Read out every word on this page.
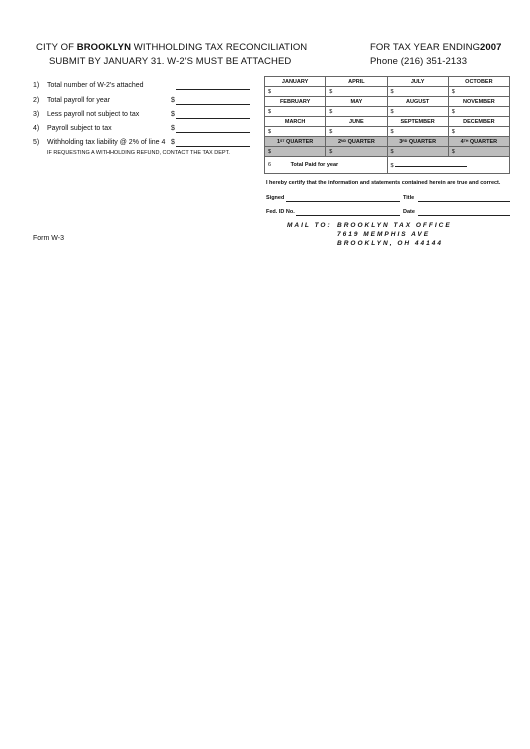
CITY OF BROOKLYN WITHHOLDING TAX RECONCILIATION
SUBMIT BY JANUARY 31. W-2'S MUST BE ATTACHED
FOR TAX YEAR ENDING 2007
Phone (216) 351-2133
1) Total number of W-2's attached
2) Total payroll for year	$
3) Less payroll not subject to tax	$
4) Payroll subject to tax	$
5) Withholding tax liability @ 2% of line 4 $
IF REQUESTING A WITHHOLDING REFUND, CONTACT THE TAX DEPT.
Form W-3
JANUARY	APRIL	JULY	OCTOBER
$	$	$	$
FEBRUARY	MAY	AUGUST	NOVEMBER
$	$	$	$
MARCH	JUNE	SEPTEMBER	DECEMBER
$	$	$	$
1ST QUARTER	2ND QUARTER	3RD QUARTER	4TH QUARTER
$	$	$	$
6 Total Paid for year		$	
I hereby certify that the information and statements contained herein are true and correct.
Signed	Title
Fed. ID No.	Date
MAIL TO: BROOKLYN TAX OFFICE
7619 MEMPHIS AVE
BROOKLYN, OH 44144
